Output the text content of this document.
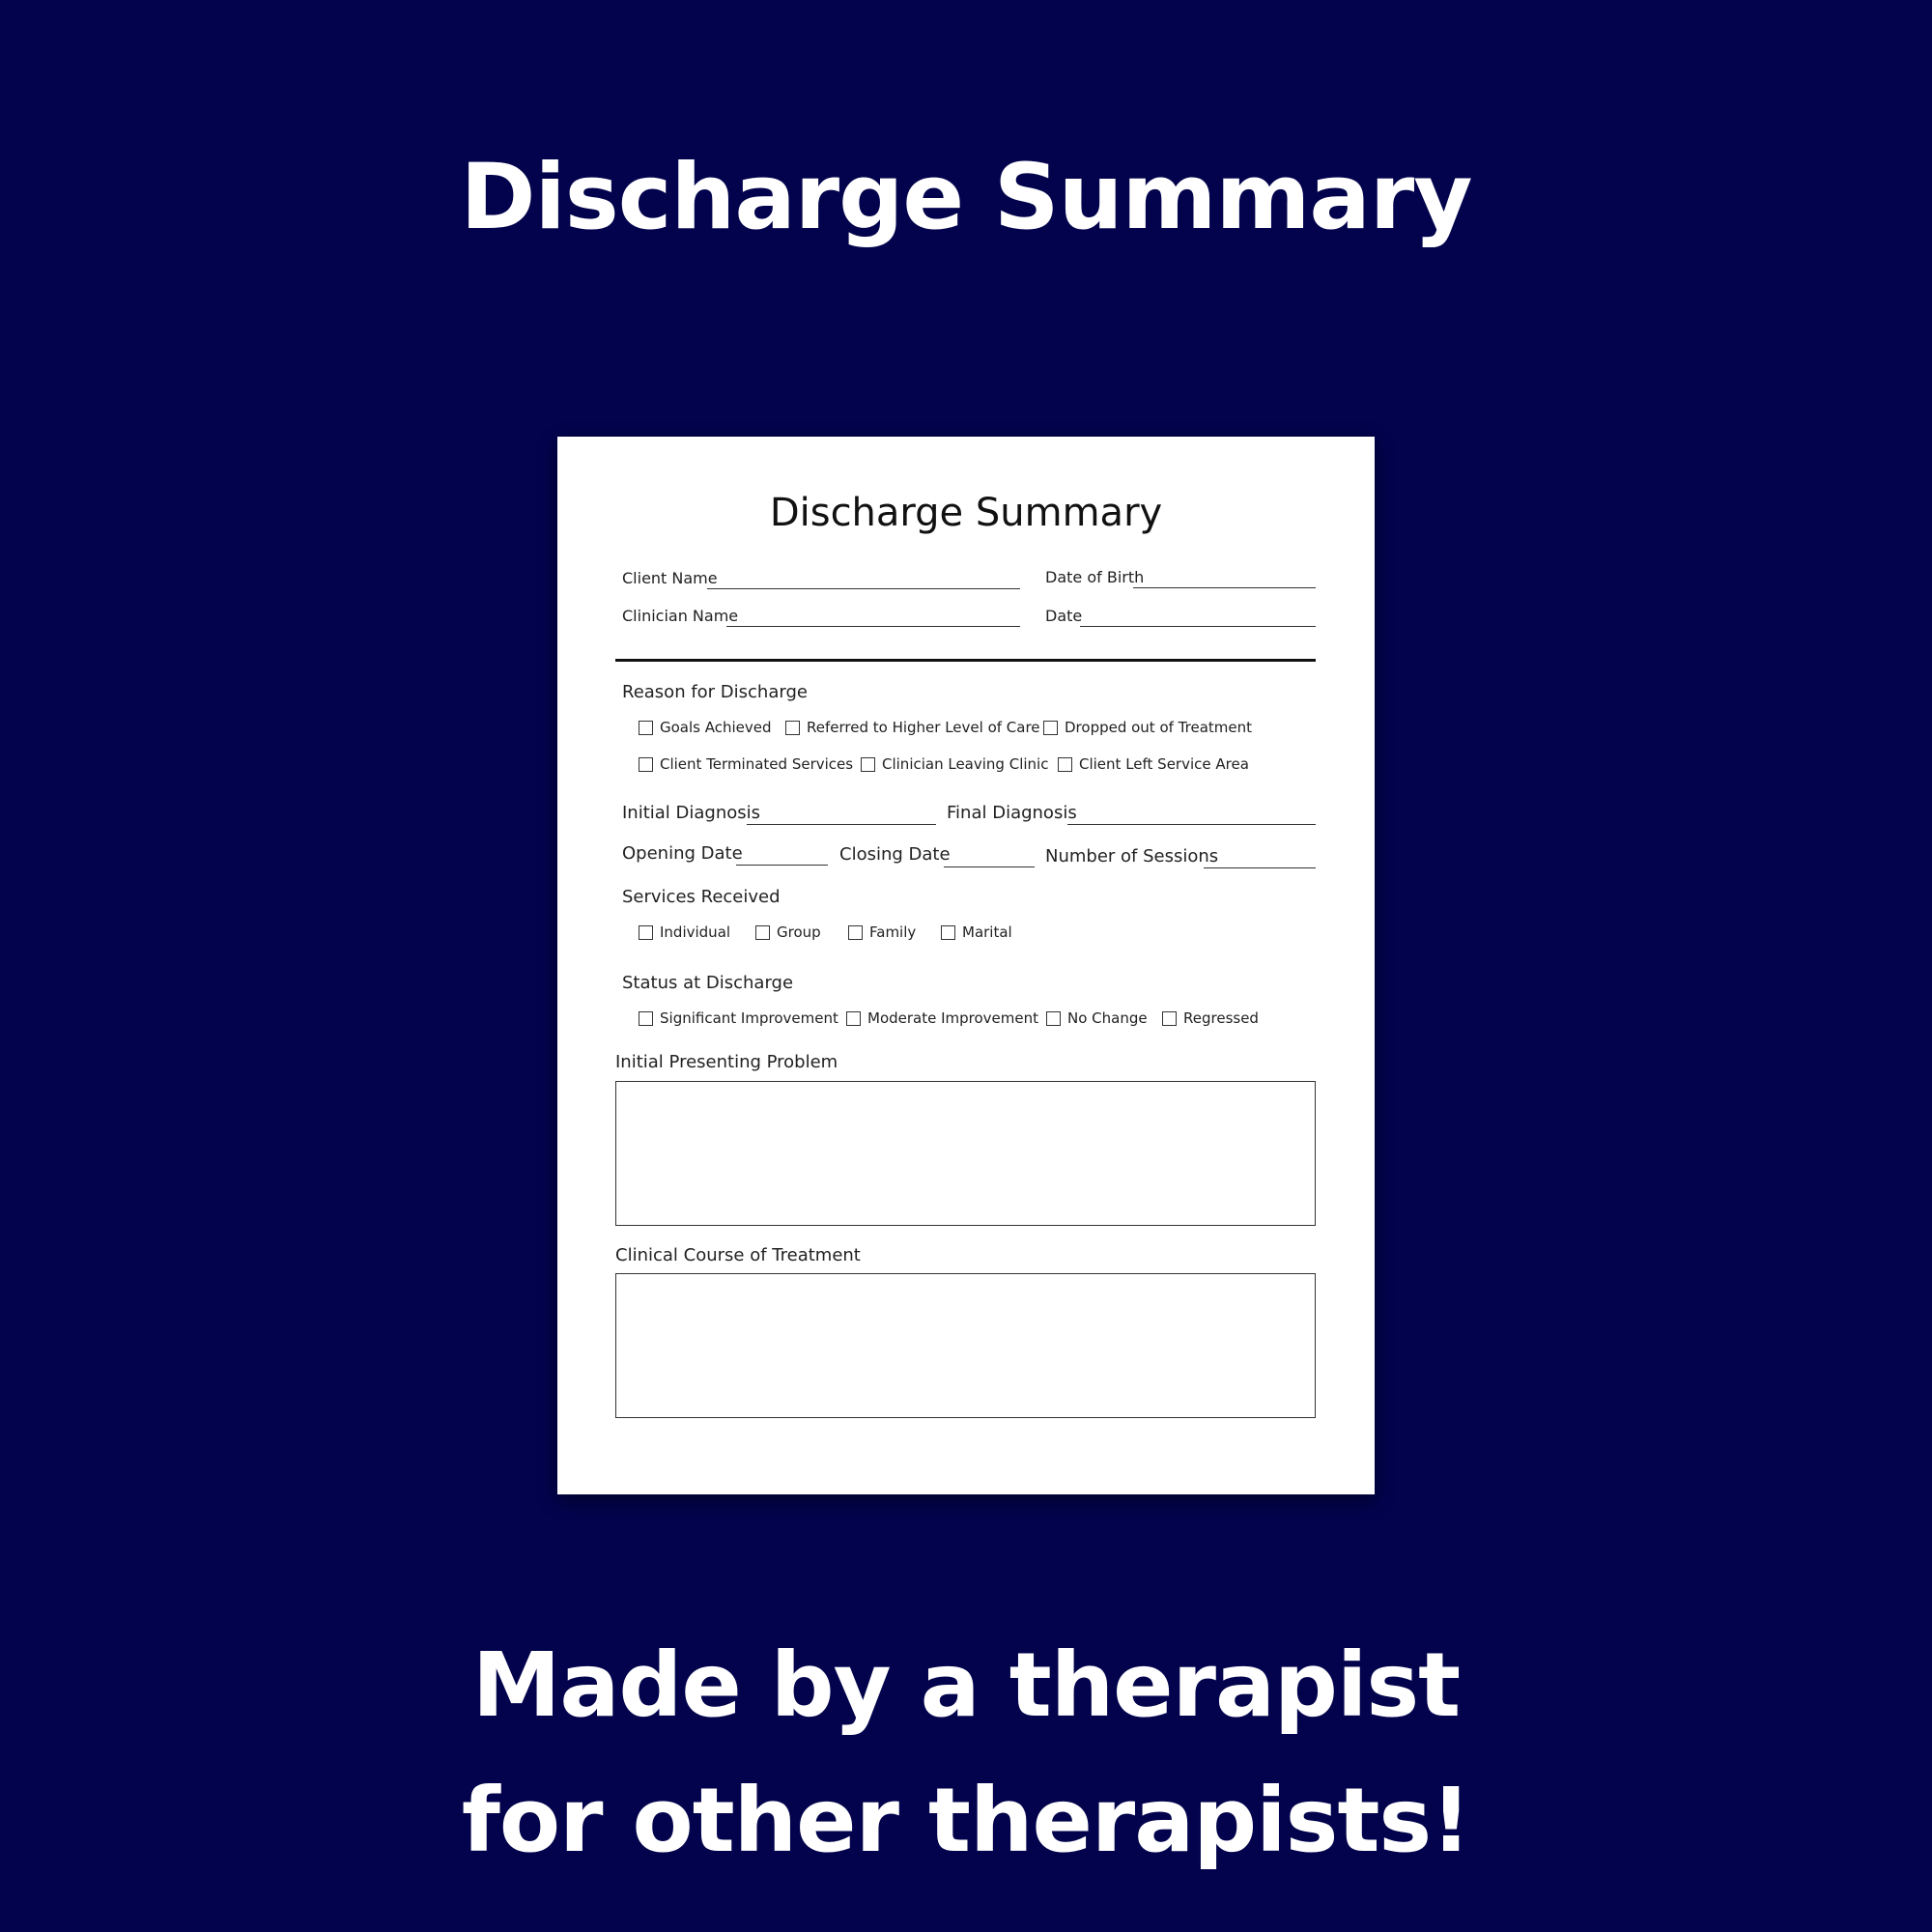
Discharge Summary
Discharge Summary
Client Name	Date of Birth
Clinician Name	Date
Reason for Discharge
Goals Achieved Referred to Higher Level of Care Dropped out of Treatment
Client Terminated Services Clinician Leaving Clinic Client Left Service Area
Initial Diagnosis	Final Diagnosis
Opening Date	Closing Date	Number of Sessions
Services Received
Individual	Group	Family	Marital
Status at Discharge
Significant Improvement Moderate Improvement No Change Regressed
Initial Presenting Problem
Clinical Course of Treatment
Made by a therapist
for other therapists!
